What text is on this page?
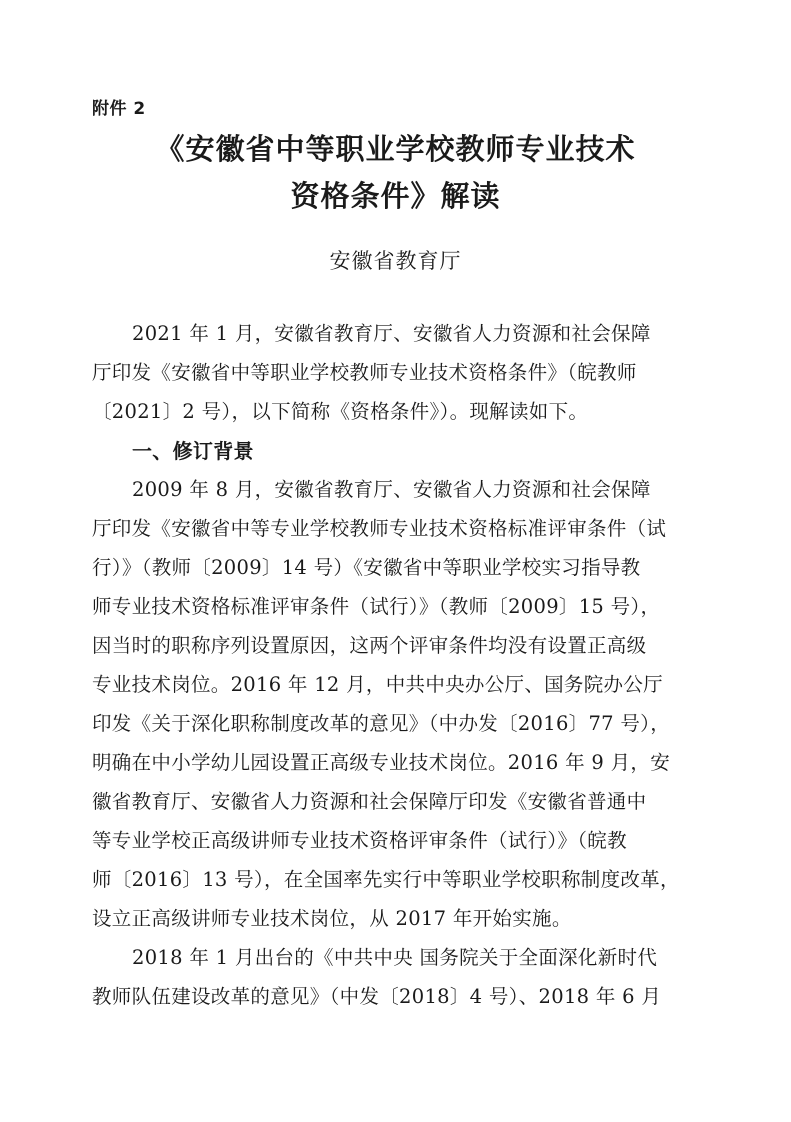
附件 2
《安徽省中等职业学校教师专业技术
资格条件》解读
安徽省教育厅
2021 年 1 月，安徽省教育厅、安徽省人力资源和社会保障
厅印发《安徽省中等职业学校教师专业技术资格条件》（皖教师
〔2021〕2 号），以下简称《资格条件》）。现解读如下。
一、修订背景
2009 年 8 月，安徽省教育厅、安徽省人力资源和社会保障
厅印发《安徽省中等专业学校教师专业技术资格标准评审条件（试
行）》（教师〔2009〕14 号）《安徽省中等职业学校实习指导教
师专业技术资格标准评审条件（试行）》（教师〔2009〕15 号），
因当时的职称序列设置原因，这两个评审条件均没有设置正高级
专业技术岗位。2016 年 12 月，中共中央办公厅、国务院办公厅
印发《关于深化职称制度改革的意见》（中办发〔2016〕77 号），
明确在中小学幼儿园设置正高级专业技术岗位。2016 年 9 月，安
徽省教育厅、安徽省人力资源和社会保障厅印发《安徽省普通中
等专业学校正高级讲师专业技术资格评审条件（试行）》（皖教
师〔2016〕13 号），在全国率先实行中等职业学校职称制度改革，
设立正高级讲师专业技术岗位，从 2017 年开始实施。
2018 年 1 月出台的《中共中央 国务院关于全面深化新时代
教师队伍建设改革的意见》（中发〔2018〕4 号）、2018 年 6 月
